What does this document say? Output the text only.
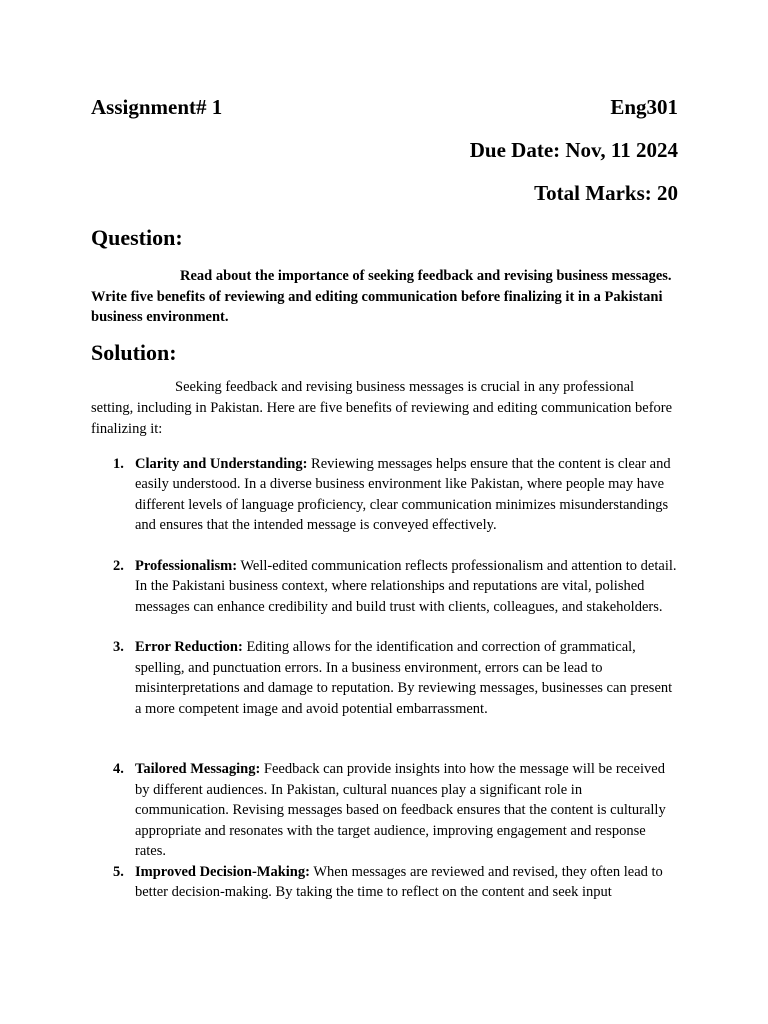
Assignment# 1	Eng301
Due Date: Nov, 11 2024
Total Marks: 20
Question:
Read about the importance of seeking feedback and revising business messages. Write five benefits of reviewing and editing communication before finalizing it in a Pakistani business environment.
Solution:
Seeking feedback and revising business messages is crucial in any professional setting, including in Pakistan. Here are five benefits of reviewing and editing communication before finalizing it:
1. Clarity and Understanding: Reviewing messages helps ensure that the content is clear and easily understood. In a diverse business environment like Pakistan, where people may have different levels of language proficiency, clear communication minimizes misunderstandings and ensures that the intended message is conveyed effectively.
2. Professionalism: Well-edited communication reflects professionalism and attention to detail. In the Pakistani business context, where relationships and reputations are vital, polished messages can enhance credibility and build trust with clients, colleagues, and stakeholders.
3. Error Reduction: Editing allows for the identification and correction of grammatical, spelling, and punctuation errors. In a business environment, errors can be lead to misinterpretations and damage to reputation. By reviewing messages, businesses can present a more competent image and avoid potential embarrassment.
4. Tailored Messaging: Feedback can provide insights into how the message will be received by different audiences. In Pakistan, cultural nuances play a significant role in communication. Revising messages based on feedback ensures that the content is culturally appropriate and resonates with the target audience, improving engagement and response rates.
5. Improved Decision-Making: When messages are reviewed and revised, they often lead to better decision-making. By taking the time to reflect on the content and seek input
